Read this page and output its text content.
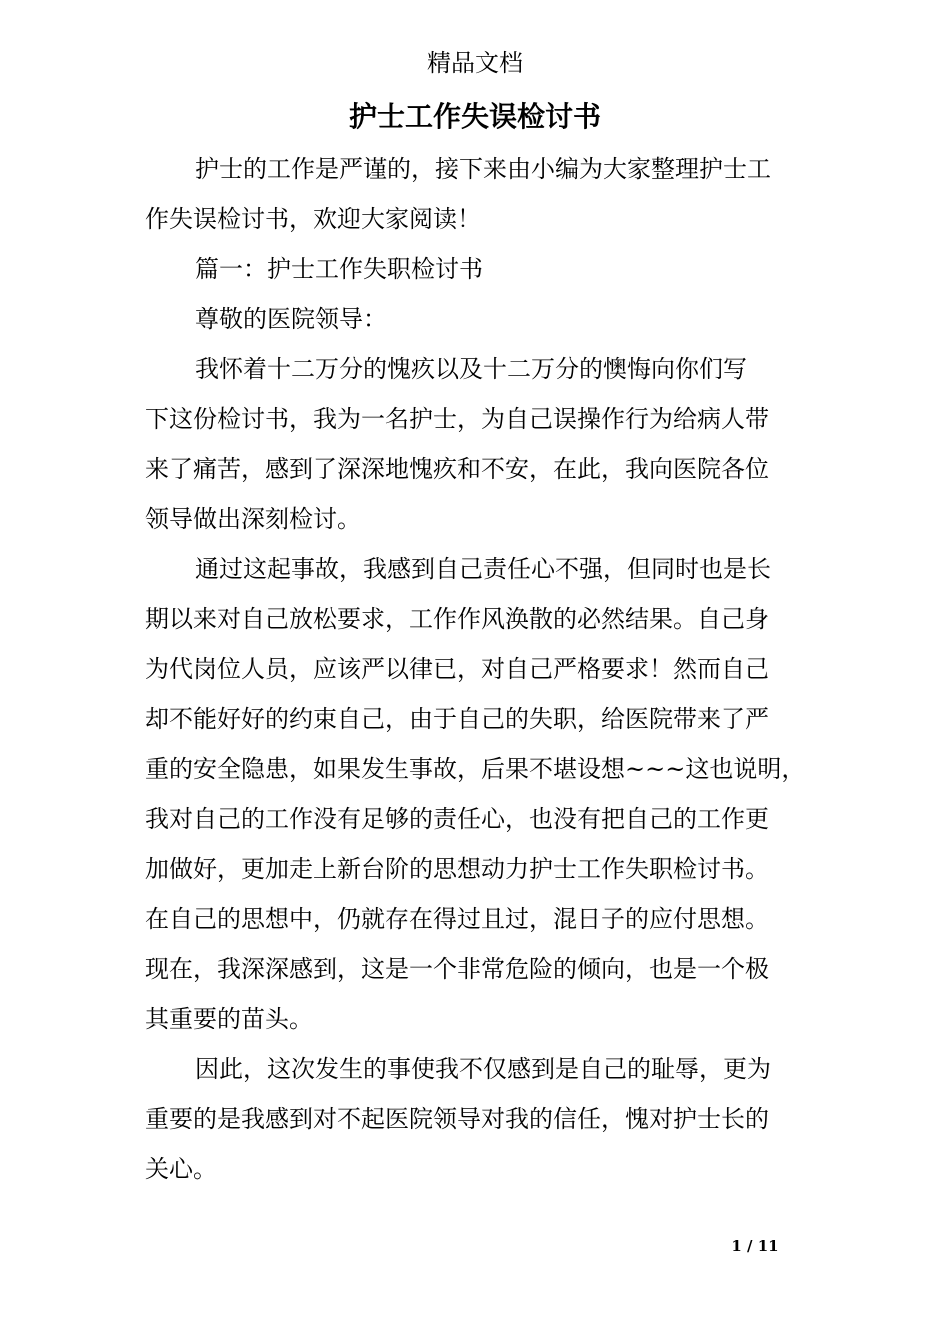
精品文档
护士工作失误检讨书
护士的工作是严谨的，接下来由小编为大家整理护士工
作失误检讨书，欢迎大家阅读！
篇一：护士工作失职检讨书
尊敬的医院领导：
我怀着十二万分的愧疚以及十二万分的懊悔向你们写
下这份检讨书，我为一名护士，为自己误操作行为给病人带
来了痛苦，感到了深深地愧疚和不安，在此，我向医院各位
领导做出深刻检讨。
通过这起事故，我感到自己责任心不强，但同时也是长
期以来对自己放松要求，工作作风涣散的必然结果。自己身
为代岗位人员，应该严以律已，对自己严格要求！然而自己
却不能好好的约束自己，由于自己的失职，给医院带来了严
重的安全隐患，如果发生事故，后果不堪设想~~~这也说明，
我对自己的工作没有足够的责任心，也没有把自己的工作更
加做好，更加走上新台阶的思想动力护士工作失职检讨书。
在自己的思想中，仍就存在得过且过，混日子的应付思想。
现在，我深深感到，这是一个非常危险的倾向，也是一个极
其重要的苗头。
因此，这次发生的事使我不仅感到是自己的耻辱，更为
重要的是我感到对不起医院领导对我的信任，愧对护士长的
关心。
1 / 11
